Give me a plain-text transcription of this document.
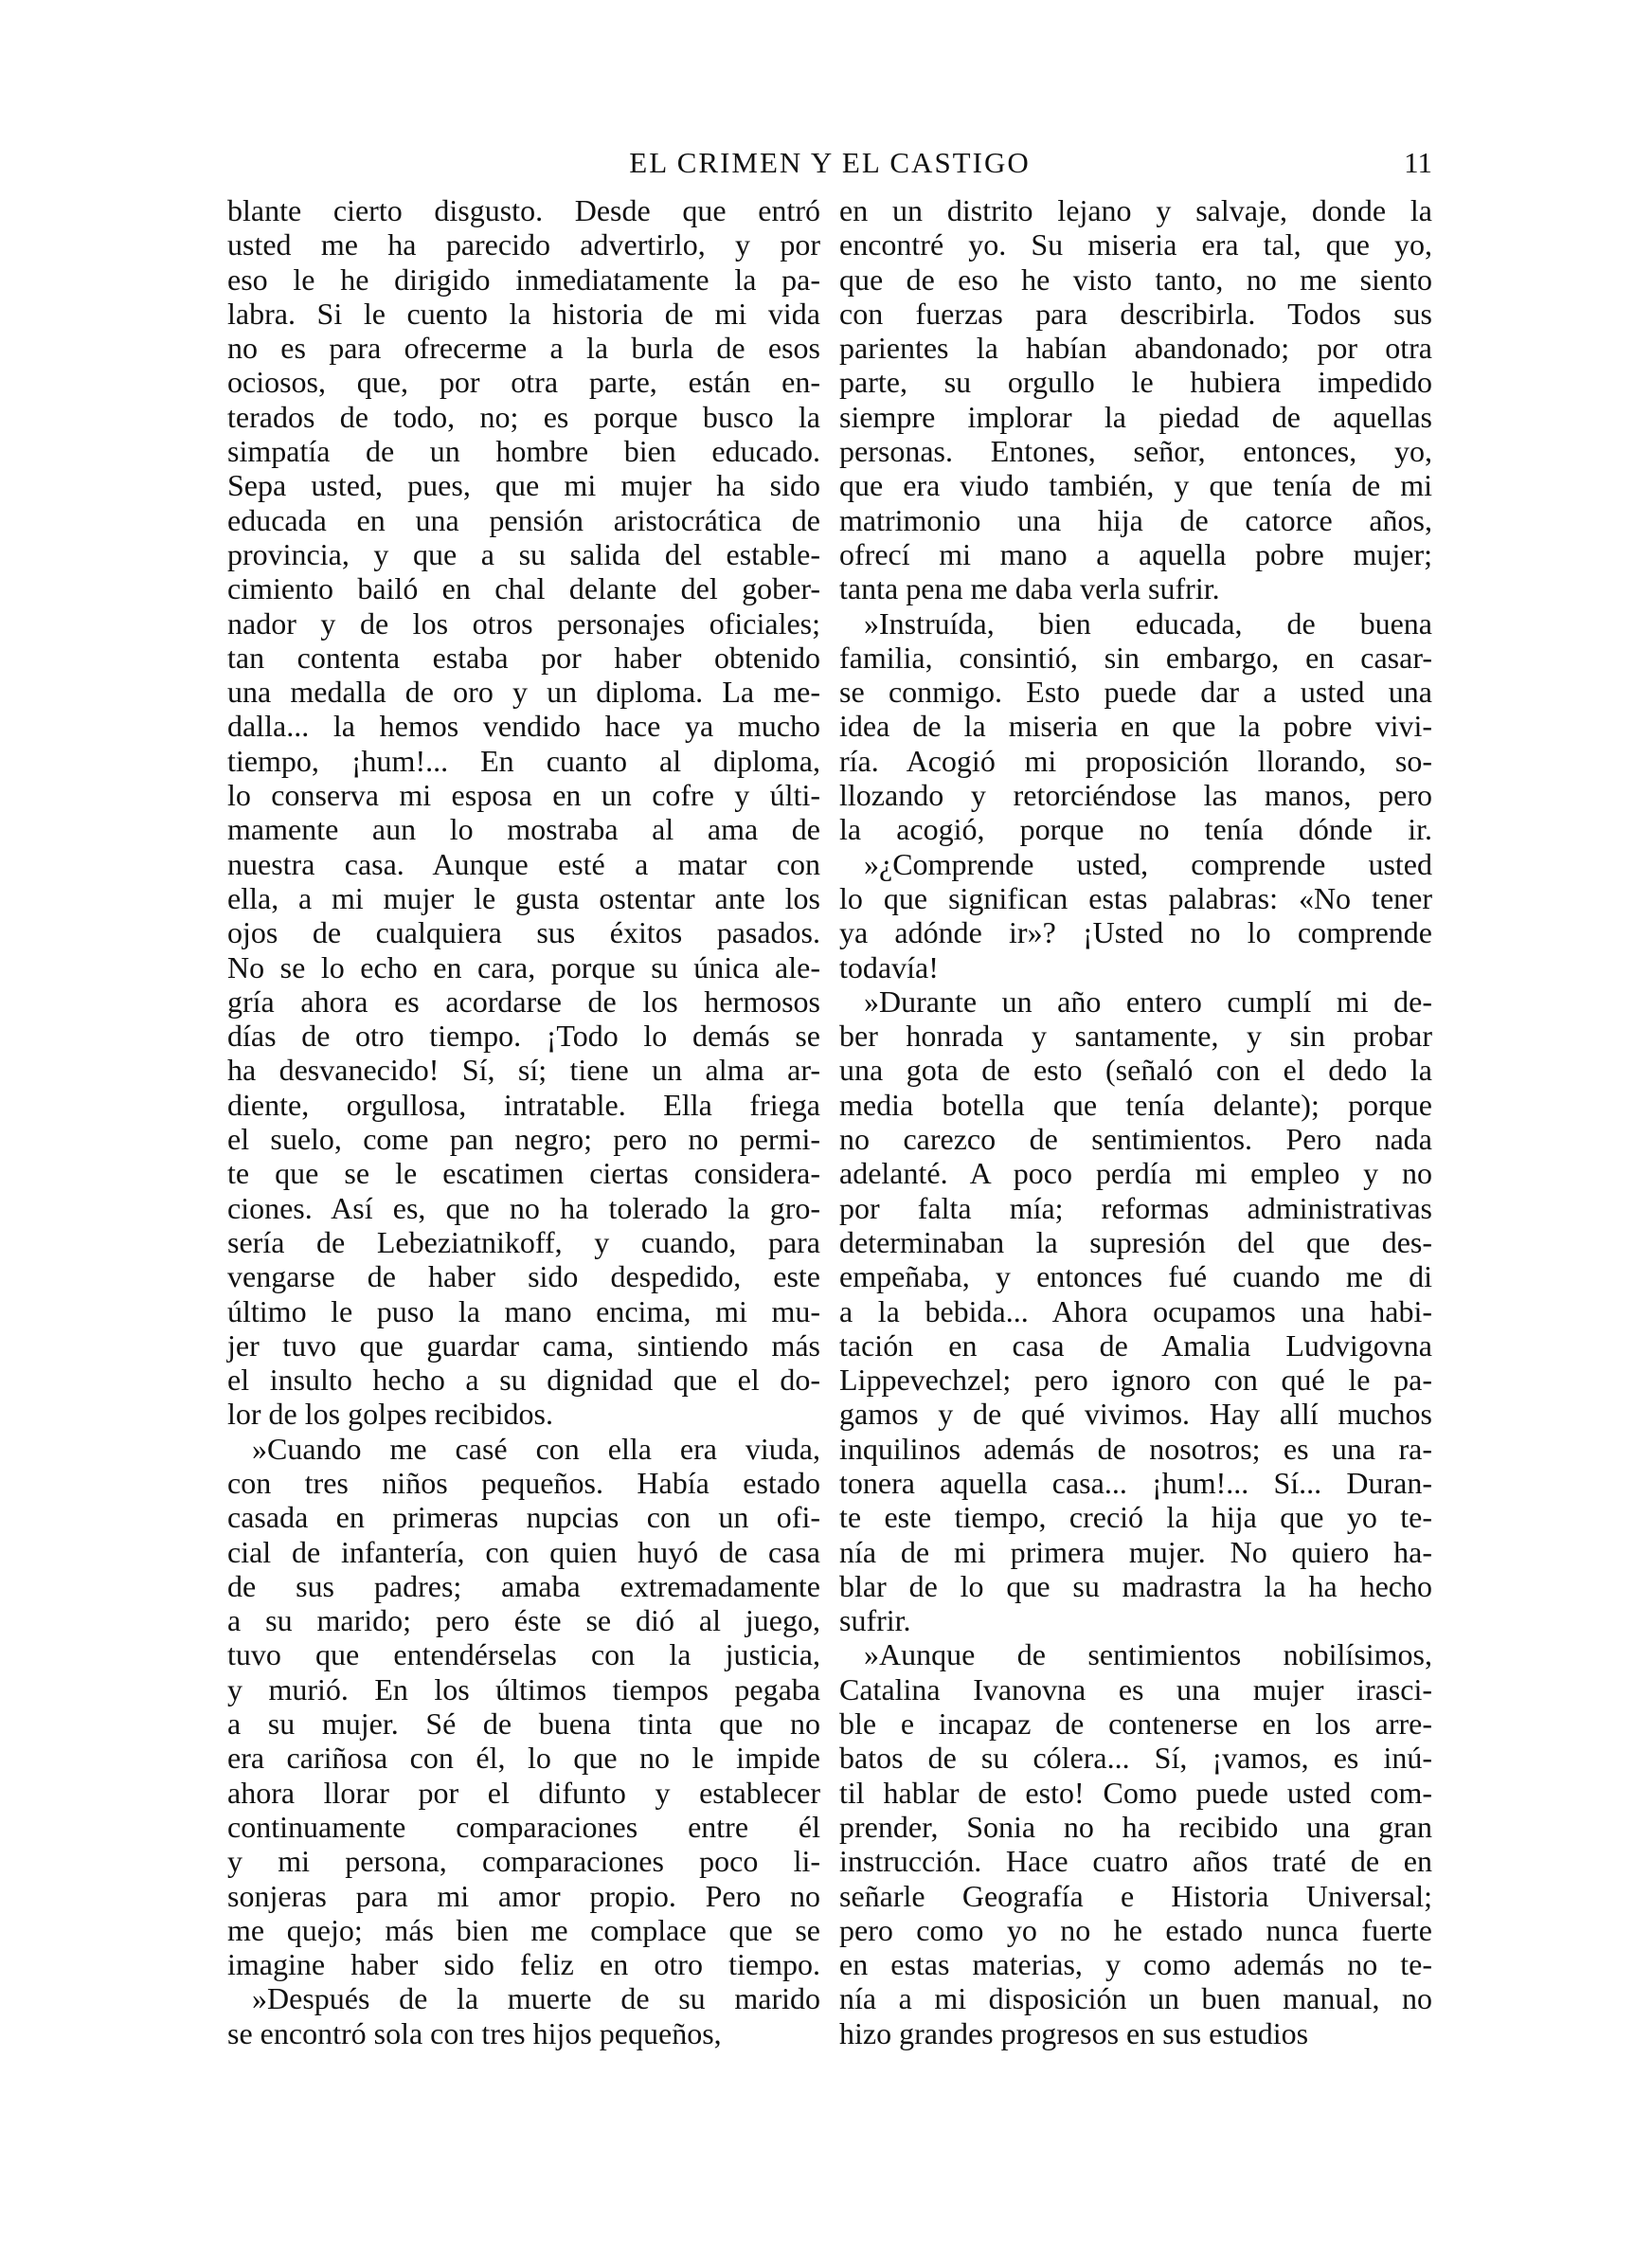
EL CRIMEN Y EL CASTIGO	11
blante cierto disgusto. Desde que entró
usted me ha parecido advertirlo, y por
eso le he dirigido inmediatamente la pa-
labra. Si le cuento la historia de mi vida
no es para ofrecerme a la burla de esos
ociosos, que, por otra parte, están en-
terados de todo, no; es porque busco la
simpatía de un hombre bien educado.
Sepa usted, pues, que mi mujer ha sido
educada en una pensión aristocrática de
provincia, y que a su salida del estable-
cimiento bailó en chal delante del gober-
nador y de los otros personajes oficiales;
tan contenta estaba por haber obtenido
una medalla de oro y un diploma. La me-
dalla... la hemos vendido hace ya mucho
tiempo, ¡hum!... En cuanto al diploma,
lo conserva mi esposa en un cofre y últi-
mamente aun lo mostraba al ama de
nuestra casa. Aunque esté a matar con
ella, a mi mujer le gusta ostentar ante los
ojos de cualquiera sus éxitos pasados.
No se lo echo en cara, porque su única ale-
gría ahora es acordarse de los hermosos
días de otro tiempo. ¡Todo lo demás se
ha desvanecido! Sí, sí; tiene un alma ar-
diente, orgullosa, intratable. Ella friega
el suelo, come pan negro; pero no permi-
te que se le escatimen ciertas considera-
ciones. Así es, que no ha tolerado la gro-
sería de Lebeziatnikoff, y cuando, para
vengarse de haber sido despedido, este
último le puso la mano encima, mi mu-
jer tuvo que guardar cama, sintiendo más
el insulto hecho a su dignidad que el do-
lor de los golpes recibidos.
»Cuando me casé con ella era viuda,
con tres niños pequeños. Había estado
casada en primeras nupcias con un ofi-
cial de infantería, con quien huyó de casa
de sus padres; amaba extremadamente
a su marido; pero éste se dió al juego,
tuvo que entendérselas con la justicia,
y murió. En los últimos tiempos pegaba
a su mujer. Sé de buena tinta que no
era cariñosa con él, lo que no le impide
ahora llorar por el difunto y establecer
continuamente comparaciones entre él
y mi persona, comparaciones poco li-
sonjeras para mi amor propio. Pero no
me quejo; más bien me complace que se
imagine haber sido feliz en otro tiempo.
»Después de la muerte de su marido
se encontró sola con tres hijos pequeños,
en un distrito lejano y salvaje, donde la
encontré yo. Su miseria era tal, que yo,
que de eso he visto tanto, no me siento
con fuerzas para describirla. Todos sus
parientes la habían abandonado; por otra
parte, su orgullo le hubiera impedido
siempre implorar la piedad de aquellas
personas. Entones, señor, entonces, yo,
que era viudo también, y que tenía de mi
matrimonio una hija de catorce años,
ofrecí mi mano a aquella pobre mujer;
tanta pena me daba verla sufrir.
»Instruída, bien educada, de buena
familia, consintió, sin embargo, en casar-
se conmigo. Esto puede dar a usted una
idea de la miseria en que la pobre vivi-
ría. Acogió mi proposición llorando, so-
llozando y retorciéndose las manos, pero
la acogió, porque no tenía dónde ir.
»¿Comprende usted, comprende usted
lo que significan estas palabras: «No tener
ya adónde ir»? ¡Usted no lo comprende
todavía!
»Durante un año entero cumplí mi de-
ber honrada y santamente, y sin probar
una gota de esto (señaló con el dedo la
media botella que tenía delante); porque
no carezco de sentimientos. Pero nada
adelanté. A poco perdía mi empleo y no
por falta mía; reformas administrativas
determinaban la supresión del que des-
empeñaba, y entonces fué cuando me di
a la bebida... Ahora ocupamos una habi-
tación en casa de Amalia Ludvigovna
Lippevechzel; pero ignoro con qué le pa-
gamos y de qué vivimos. Hay allí muchos
inquilinos además de nosotros; es una ra-
tonera aquella casa... ¡hum!... Sí... Duran-
te este tiempo, creció la hija que yo te-
nía de mi primera mujer. No quiero ha-
blar de lo que su madrastra la ha hecho
sufrir.
»Aunque de sentimientos nobilísimos,
Catalina Ivanovna es una mujer irasci-
ble e incapaz de contenerse en los arre-
batos de su cólera... Sí, ¡vamos, es inú-
til hablar de esto! Como puede usted com-
prender, Sonia no ha recibido una gran
instrucción. Hace cuatro años traté de en
señarle Geografía e Historia Universal;
pero como yo no he estado nunca fuerte
en estas materias, y como además no te-
nía a mi disposición un buen manual, no
hizo grandes progresos en sus estudios
